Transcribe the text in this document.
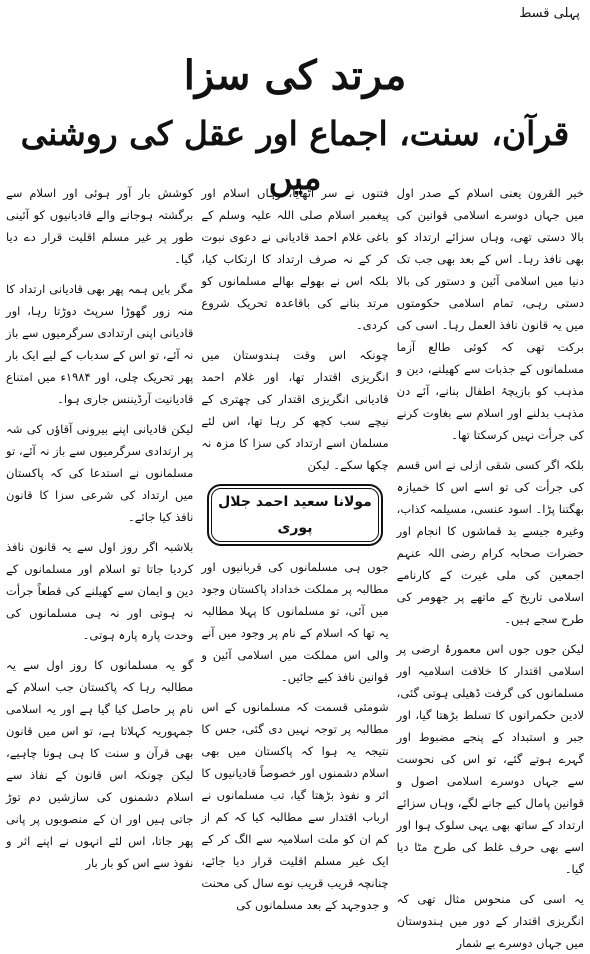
پہلی قسط
مرتد کی سزا
قرآن، سنت، اجماع اور عقل کی روشنی میں	خیر القرون یعنی اسلام کے صدر اول میں جہاں دوسرے اسلامی قوانین کی بالا دستی تھی، وہاں سزائے ارتداد کو بھی نافذ رہا۔ اس کے بعد بھی جب تک دنیا میں اسلامی آئین و دستور کی بالا دستی رہی، تمام اسلامی حکومتوں میں یہ قانون نافذ العمل رہا۔ اسی کی برکت تھی کہ کوئی طالع آزما مسلمانوں کے جذبات سے کھیلنے، دین و مذہب کو بازیچۂ اطفال بنانے، آئے دن مذہب بدلنے اور اسلام سے بغاوت کرنے کی جرأت نہیں کرسکتا تھا۔

بلکہ اگر کسی شقی ازلی نے اس قسم کی جرأت کی تو اسے اس کا خمیازہ بھگتنا پڑا۔ اسود عنسی، مسیلمہ کذاب، وغیرہ جیسے بد قماشوں کا انجام اور حضرات صحابہ کرام رضی اللہ عنہم اجمعین کی ملی غیرت کے کارنامے اسلامی تاریخ کے ماتھے پر جھومر کی طرح سجے ہیں۔

لیکن جوں جوں اس معمورۂ ارضی پر اسلامی اقتدار کا خلافت اسلامیہ اور مسلمانوں کی گرفت ڈھیلی ہوتی گئی، لادین حکمرانوں کا تسلط بڑھتا گیا، اور جبر و استبداد کے پنجے مضبوط اور گہرے ہوتے گئے، تو اس کی نحوست سے جہاں دوسرے اسلامی اصول و قوانین پامال کیے جانے لگے، وہاں سزائے ارتداد کے ساتھ بھی یہی سلوک ہوا اور اسے بھی حرف غلط کی طرح مٹا دیا گیا۔

یہ اسی کی منحوس مثال تھی کہ انگریزی اقتدار کے دور میں ہندوستان میں جہاں دوسرے بے شمار

فتنوں نے سر اٹھایا، وہاں اسلام اور پیغمبر اسلام صلی اللہ علیہ وسلم کے باغی غلام احمد قادیانی نے دعوی نبوت کر کے نہ صرف ارتداد کا ارتکاب کیا، بلکہ اس نے بھولے بھالے مسلمانوں کو مرتد بنانے کی باقاعدہ تحریک شروع کردی۔

چونکہ اس وقت ہندوستان میں انگریزی اقتدار تھا، اور غلام احمد قادیانی انگریزی اقتدار کی چھتری کے نیچے سب کچھ کر رہا تھا، اس لئے مسلمان اسے ارتداد کی سزا کا مزہ نہ چکھا سکے۔ لیکن

مولانا سعید احمد جلال پوری

جوں ہی مسلمانوں کی قربانیوں اور مطالبہ پر مملکت خداداد پاکستان وجود میں آئی، تو مسلمانوں کا پہلا مطالبہ یہ تھا کہ اسلام کے نام پر وجود میں آنے والی اس مملکت میں اسلامی آئین و قوانین نافذ کیے جائیں۔

شومئی قسمت کہ مسلمانوں کے اس مطالبہ پر توجہ نہیں دی گئی، جس کا نتیجہ یہ ہوا کہ پاکستان میں بھی اسلام دشمنوں اور خصوصاً قادیانیوں کا اثر و نفوذ بڑھتا گیا، تب مسلمانوں نے ارباب اقتدار سے مطالبہ کیا کہ کم از کم ان کو ملت اسلامیہ سے الگ کر کے ایک غیر مسلم اقلیت قرار دیا جائے، چنانچہ قریب قریب نوے سال کی محنت و جدوجہد کے بعد مسلمانوں کی

کوشش بار آور ہوئی اور اسلام سے برگشتہ ہوجانے والے قادیانیوں کو آئینی طور پر غیر مسلم اقلیت قرار دے دیا گیا۔

مگر بایں ہمہ پھر بھی قادیانی ارتداد کا منہ زور گھوڑا سرپٹ دوڑتا رہا، اور قادیانی اپنی ارتدادی سرگرمیوں سے باز نہ آئے، تو اس کے سدباب کے لیے ایک بار پھر تحریک چلی، اور ۱۹۸۴ء میں امتناع قادیانیت آرڈیننس جاری ہوا۔

لیکن قادیانی اپنے بیرونی آقاؤں کی شہ پر ارتدادی سرگرمیوں سے باز نہ آئے، تو مسلمانوں نے استدعا کی کہ پاکستان میں ارتداد کی شرعی سزا کا قانون نافذ کیا جائے۔

بلاشبہ اگر روز اول سے یہ قانون نافذ کردیا جاتا تو اسلام اور مسلمانوں کے دین و ایمان سے کھیلنے کی قطعاً جرأت نہ ہوتی اور نہ ہی مسلمانوں کی وحدت پارہ پارہ ہوتی۔

گو یہ مسلمانوں کا روز اول سے یہ مطالبہ رہا کہ پاکستان جب اسلام کے نام پر حاصل کیا گیا ہے اور یہ اسلامی جمہوریہ کہلاتا ہے، تو اس میں قانون بھی قرآن و سنت کا ہی ہونا چاہیے، لیکن چونکہ اس قانون کے نفاذ سے اسلام دشمنوں کی سازشیں دم توڑ جاتی ہیں اور ان کے منصوبوں پر پانی پھر جاتا، اس لئے انہوں نے اپنے اثر و نفوذ سے اس کو بار بار
